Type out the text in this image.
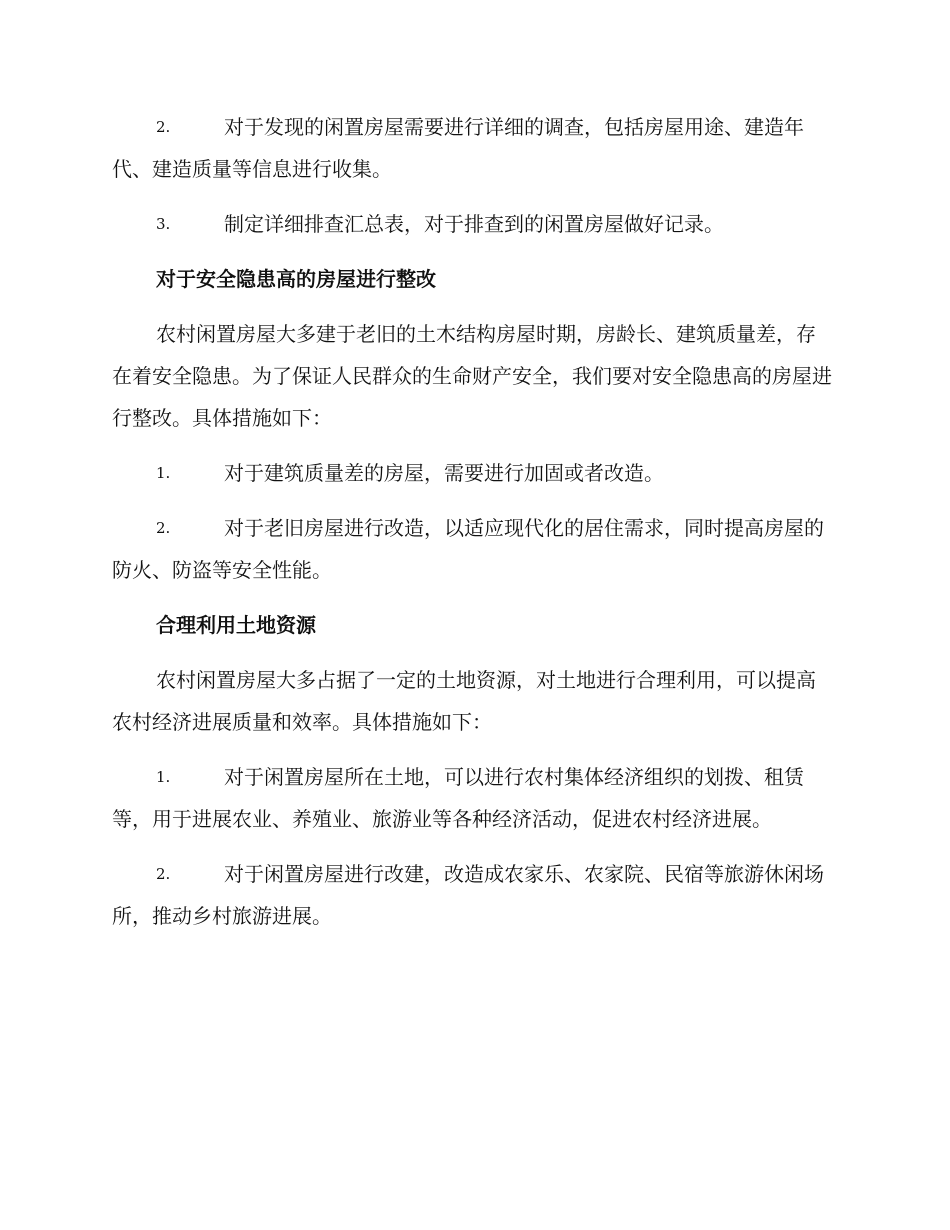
2.	对于发现的闲置房屋需要进行详细的调查，包括房屋用途、建造年代、建造质量等信息进行收集。
3.	制定详细排查汇总表，对于排查到的闲置房屋做好记录。
对于安全隐患高的房屋进行整改
农村闲置房屋大多建于老旧的土木结构房屋时期，房龄长、建筑质量差，存在着安全隐患。为了保证人民群众的生命财产安全，我们要对安全隐患高的房屋进行整改。具体措施如下：
1.	对于建筑质量差的房屋，需要进行加固或者改造。
2.	对于老旧房屋进行改造，以适应现代化的居住需求，同时提高房屋的防火、防盗等安全性能。
合理利用土地资源
农村闲置房屋大多占据了一定的土地资源，对土地进行合理利用，可以提高农村经济进展质量和效率。具体措施如下：
1.	对于闲置房屋所在土地，可以进行农村集体经济组织的划拨、租赁等，用于进展农业、养殖业、旅游业等各种经济活动，促进农村经济进展。
2.	对于闲置房屋进行改建，改造成农家乐、农家院、民宿等旅游休闲场所，推动乡村旅游进展。
